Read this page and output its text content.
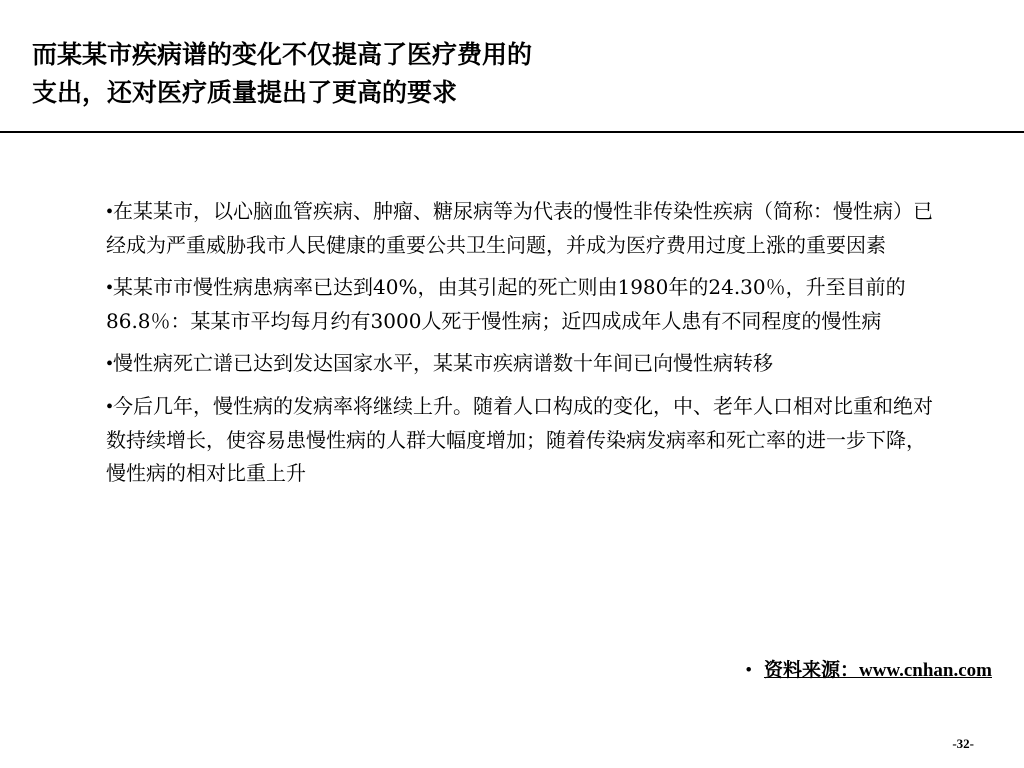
而某某市疾病谱的变化不仅提高了医疗费用的
支出，还对医疗质量提出了更高的要求
•在某某市，以心脑血管疾病、肿瘤、糖尿病等为代表的慢性非传染性疾病（简称：慢性病）已经成为严重威胁我市人民健康的重要公共卫生问题，并成为医疗费用过度上涨的重要因素
•某某市市慢性病患病率已达到40%，由其引起的死亡则由1980年的24.30％，升至目前的86.8％：某某市平均每月约有3000人死于慢性病；近四成成年人患有不同程度的慢性病
•慢性病死亡谱已达到发达国家水平，某某市疾病谱数十年间已向慢性病转移
•今后几年，慢性病的发病率将继续上升。随着人口构成的变化，中、老年人口相对比重和绝对数持续增长，使容易患慢性病的人群大幅度增加；随着传染病发病率和死亡率的进一步下降，慢性病的相对比重上升
• 资料来源：www.cnhan.com
-32-
